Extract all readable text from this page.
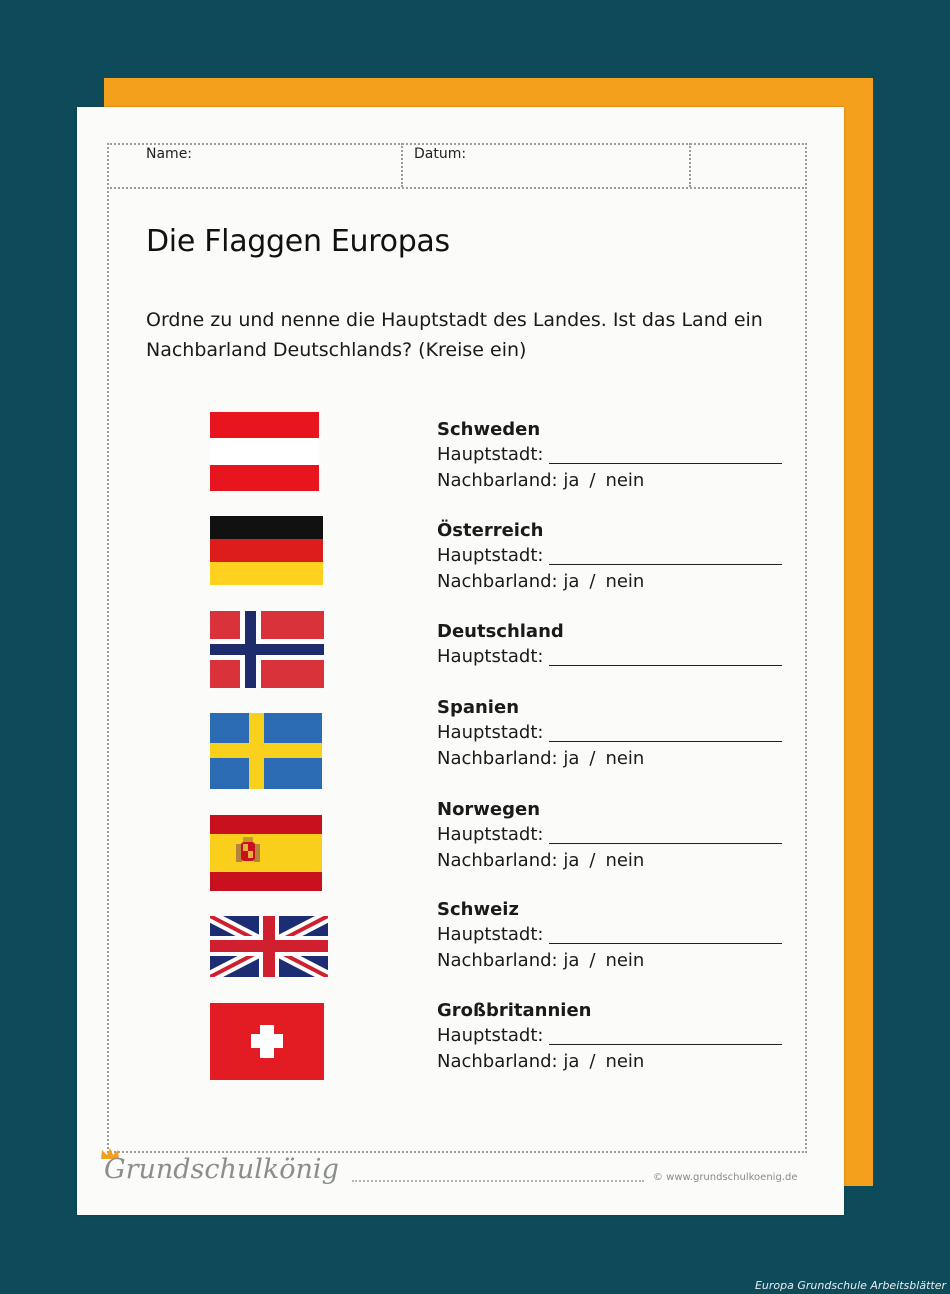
Name:	Datum:
Die Flaggen Europas
Ordne zu und nenne die Hauptstadt des Landes. Ist das Land ein
Nachbarland Deutschlands? (Kreise ein)
Schweden
Hauptstadt:
Nachbarland:
ja / nein
Österreich
Hauptstadt:
Nachbarland:
ja / nein
Deutschland
Hauptstadt:
Spanien
Hauptstadt:
Nachbarland:
ja / nein
Norwegen
Hauptstadt:
Nachbarland:
ja / nein
Schweiz
Hauptstadt:
Nachbarland:
ja / nein
Großbritannien
Hauptstadt:
Nachbarland:
ja / nein
Grundschulkönig	© www.grundschulkoenig.de
Europa Grundschule Arbeitsblätter
